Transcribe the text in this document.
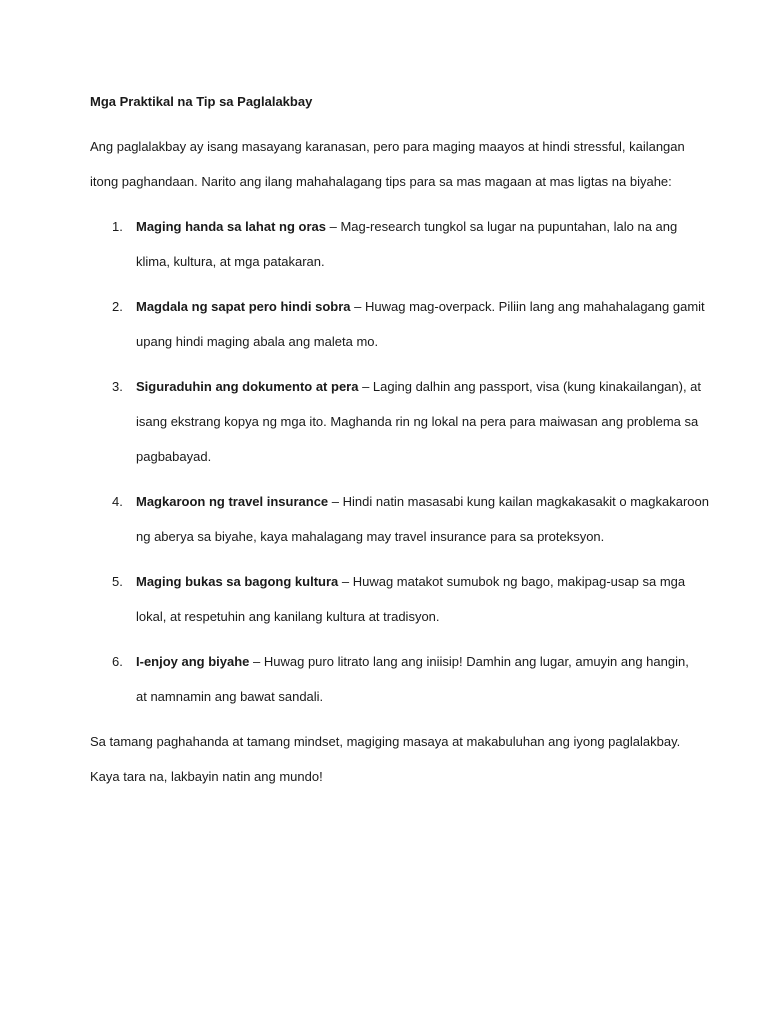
Mga Praktikal na Tip sa Paglalakbay
Ang paglalakbay ay isang masayang karanasan, pero para maging maayos at hindi stressful, kailangan
itong paghandaan. Narito ang ilang mahahalagang tips para sa mas magaan at mas ligtas na biyahe:
1. Maging handa sa lahat ng oras – Mag-research tungkol sa lugar na pupuntahan, lalo na ang
klima, kultura, at mga patakaran.
2. Magdala ng sapat pero hindi sobra – Huwag mag-overpack. Piliin lang ang mahahalagang gamit
upang hindi maging abala ang maleta mo.
3. Siguraduhin ang dokumento at pera – Laging dalhin ang passport, visa (kung kinakailangan), at
isang ekstrang kopya ng mga ito. Maghanda rin ng lokal na pera para maiwasan ang problema sa
pagbabayad.
4. Magkaroon ng travel insurance – Hindi natin masasabi kung kailan magkakasakit o magkakaroon
ng aberya sa biyahe, kaya mahalagang may travel insurance para sa proteksyon.
5. Maging bukas sa bagong kultura – Huwag matakot sumubok ng bago, makipag-usap sa mga
lokal, at respetuhin ang kanilang kultura at tradisyon.
6. I-enjoy ang biyahe – Huwag puro litrato lang ang iniisip! Damhin ang lugar, amuyin ang hangin,
at namnamin ang bawat sandali.
Sa tamang paghahanda at tamang mindset, magiging masaya at makabuluhan ang iyong paglalakbay.
Kaya tara na, lakbayin natin ang mundo!
